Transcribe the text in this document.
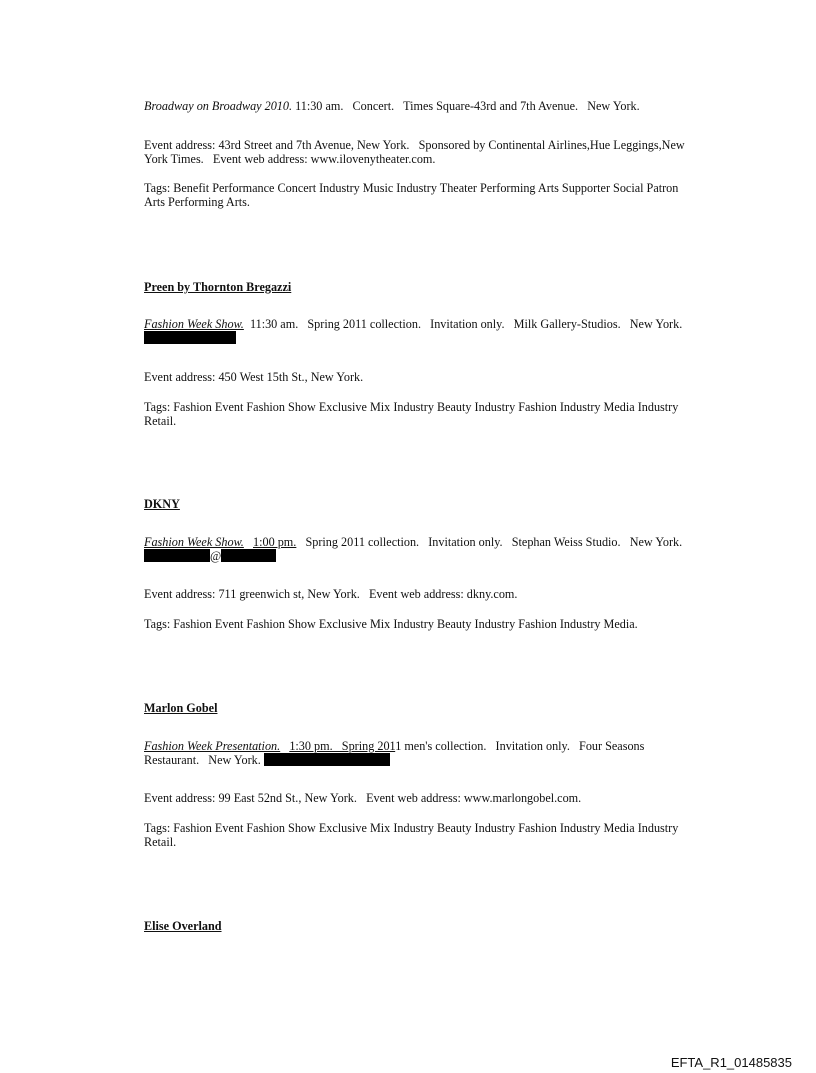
Broadway on Broadway 2010. 11:30 am.   Concert.   Times Square-43rd and 7th Avenue.   New York.

Event address: 43rd Street and 7th Avenue, New York.   Sponsored by Continental Airlines,Hue Leggings,New York Times.   Event web address: www.ilovenytheater.com.

Tags: Benefit Performance Concert Industry Music Industry Theater Performing Arts Supporter Social Patron Arts Performing Arts.

Preen by Thornton Bregazzi

Fashion Week Show.  11:30 am.   Spring 2011 collection.   Invitation only.   Milk Gallery-Studios.   New York.

Event address: 450 West 15th St., New York.

Tags: Fashion Event Fashion Show Exclusive Mix Industry Beauty Industry Fashion Industry Media Industry Retail.

DKNY

Fashion Week Show. 1:00 pm.   Spring 2011 collection.   Invitation only.   Stephan Weiss Studio.   New York. @

Event address: 711 greenwich st, New York.   Event web address: dkny.com.

Tags: Fashion Event Fashion Show Exclusive Mix Industry Beauty Industry Fashion Industry Media.

Marlon Gobel

Fashion Week Presentation. 1:30 pm.   Spring 2011 men's collection.   Invitation only.   Four Seasons Restaurant.   New York.

Event address: 99 East 52nd St., New York.   Event web address: www.marlongobel.com.

Tags: Fashion Event Fashion Show Exclusive Mix Industry Beauty Industry Fashion Industry Media Industry Retail.

Elise Overland

EFTA_R1_01485835
